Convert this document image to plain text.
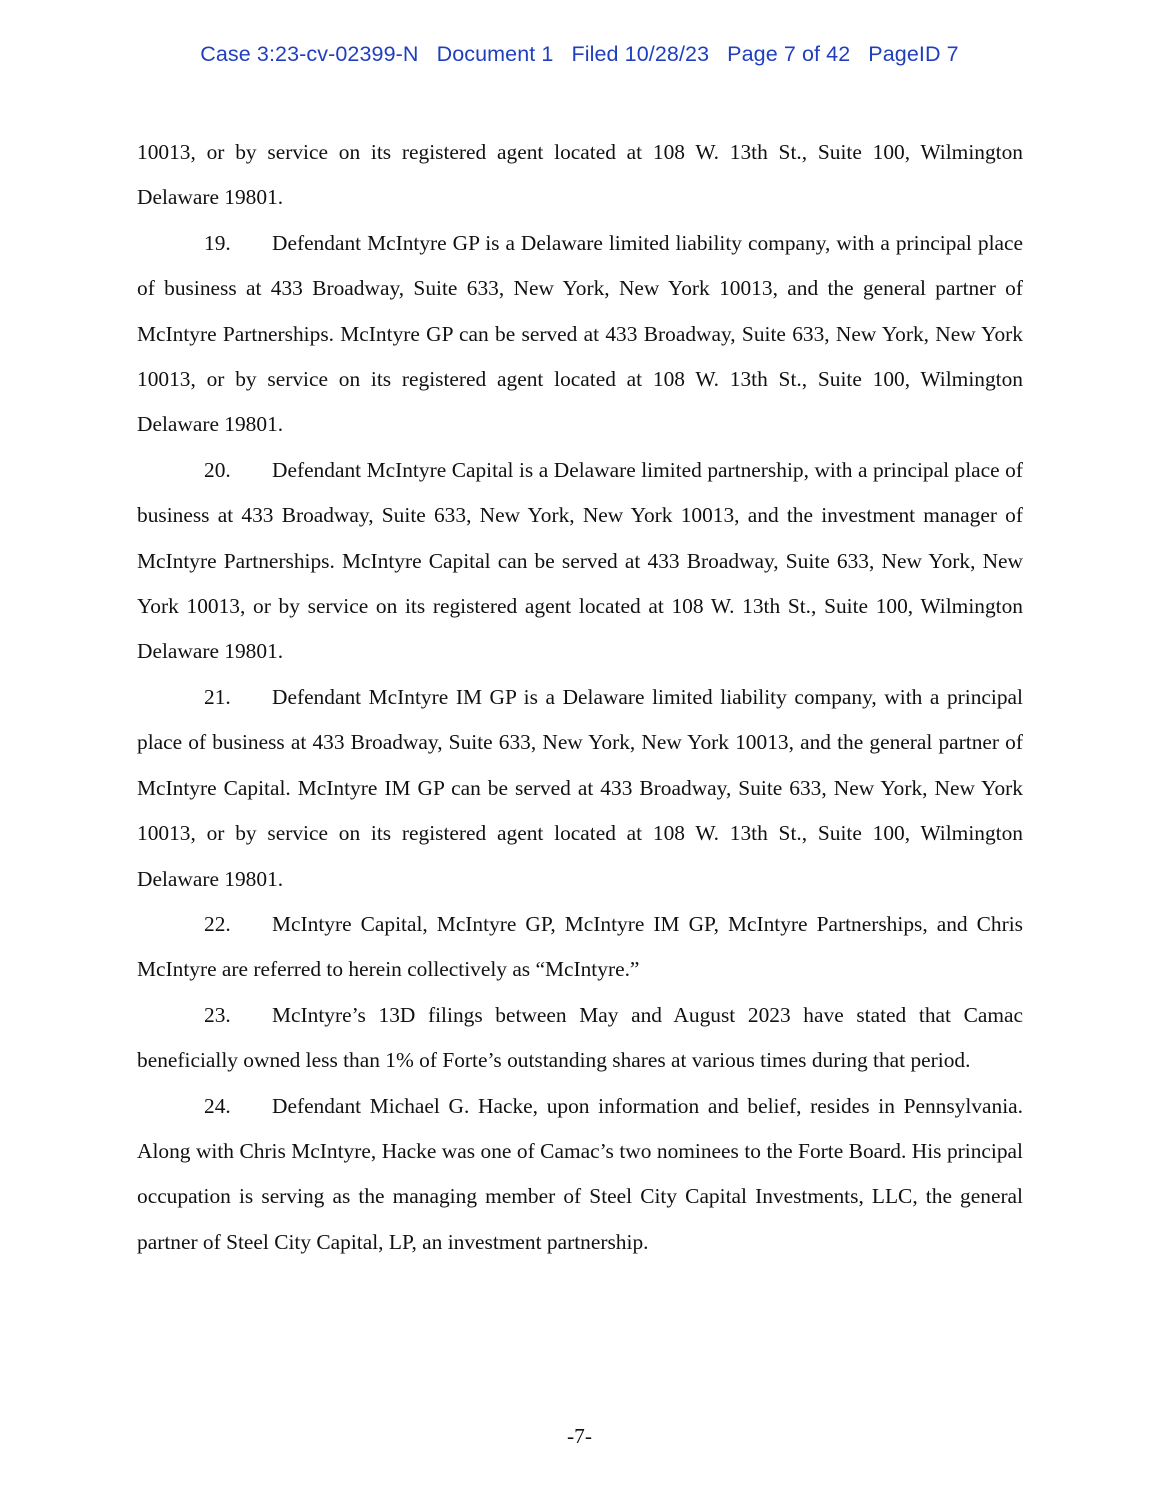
Case 3:23-cv-02399-N Document 1 Filed 10/28/23 Page 7 of 42 PageID 7

10013, or by service on its registered agent located at 108 W. 13th St., Suite 100, Wilmington Delaware 19801.

19. Defendant McIntyre GP is a Delaware limited liability company, with a principal place of business at 433 Broadway, Suite 633, New York, New York 10013, and the general partner of McIntyre Partnerships. McIntyre GP can be served at 433 Broadway, Suite 633, New York, New York 10013, or by service on its registered agent located at 108 W. 13th St., Suite 100, Wilmington Delaware 19801.

20. Defendant McIntyre Capital is a Delaware limited partnership, with a principal place of business at 433 Broadway, Suite 633, New York, New York 10013, and the investment manager of McIntyre Partnerships. McIntyre Capital can be served at 433 Broadway, Suite 633, New York, New York 10013, or by service on its registered agent located at 108 W. 13th St., Suite 100, Wilmington Delaware 19801.

21. Defendant McIntyre IM GP is a Delaware limited liability company, with a principal place of business at 433 Broadway, Suite 633, New York, New York 10013, and the general partner of McIntyre Capital. McIntyre IM GP can be served at 433 Broadway, Suite 633, New York, New York 10013, or by service on its registered agent located at 108 W. 13th St., Suite 100, Wilmington Delaware 19801.

22. McIntyre Capital, McIntyre GP, McIntyre IM GP, McIntyre Partnerships, and Chris McIntyre are referred to herein collectively as “McIntyre.”

23. McIntyre’s 13D filings between May and August 2023 have stated that Camac beneficially owned less than 1% of Forte’s outstanding shares at various times during that period.

24. Defendant Michael G. Hacke, upon information and belief, resides in Pennsylvania. Along with Chris McIntyre, Hacke was one of Camac’s two nominees to the Forte Board. His principal occupation is serving as the managing member of Steel City Capital Investments, LLC, the general partner of Steel City Capital, LP, an investment partnership.

-7-
